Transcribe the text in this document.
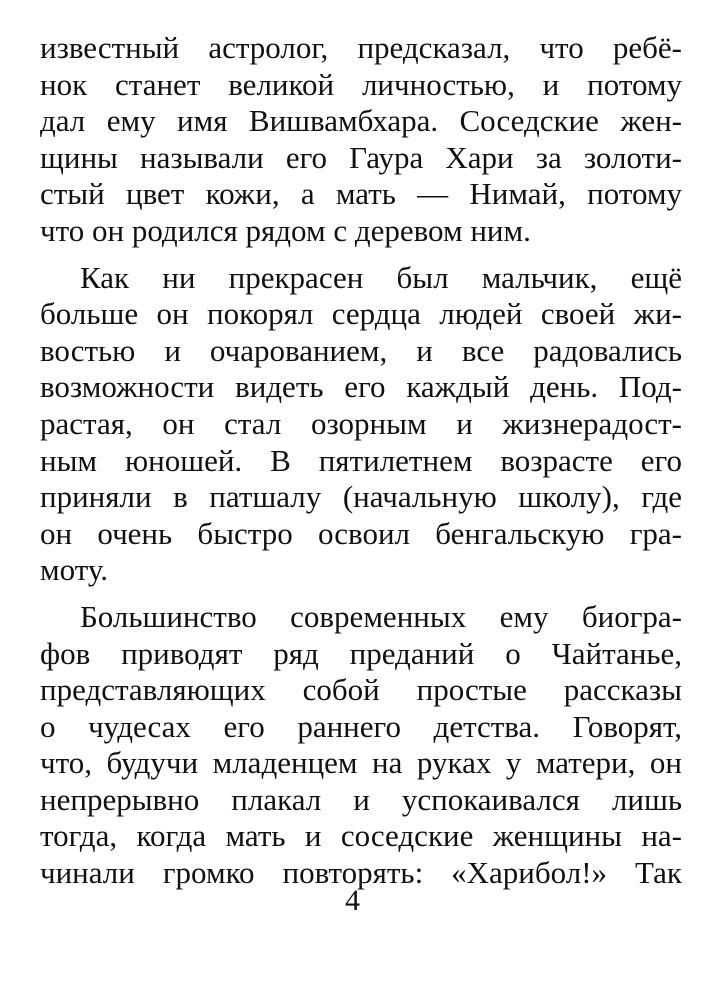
известный астролог, предсказал, что ребё-
нок станет великой личностью, и потому
дал ему имя Вишвамбхара. Соседские жен-
щины называли его Гаура Хари за золоти-
стый цвет кожи, а мать — Нимай, потому
что он родился рядом с деревом ним.
Как ни прекрасен был мальчик, ещё
больше он покорял сердца людей своей жи-
востью и очарованием, и все радовались
возможности видеть его каждый день. Под-
растая, он стал озорным и жизнерадост-
ным юношей. В пятилетнем возрасте его
приняли в патшалу (начальную школу), где
он очень быстро освоил бенгальскую гра-
моту.
Большинство современных ему биогра-
фов приводят ряд преданий о Чайтанье,
представляющих собой простые рассказы
о чудесах его раннего детства. Говорят,
что, будучи младенцем на руках у матери, он
непрерывно плакал и успокаивался лишь
тогда, когда мать и соседские женщины на-
чинали громко повторять: «Харибол!» Так
4
